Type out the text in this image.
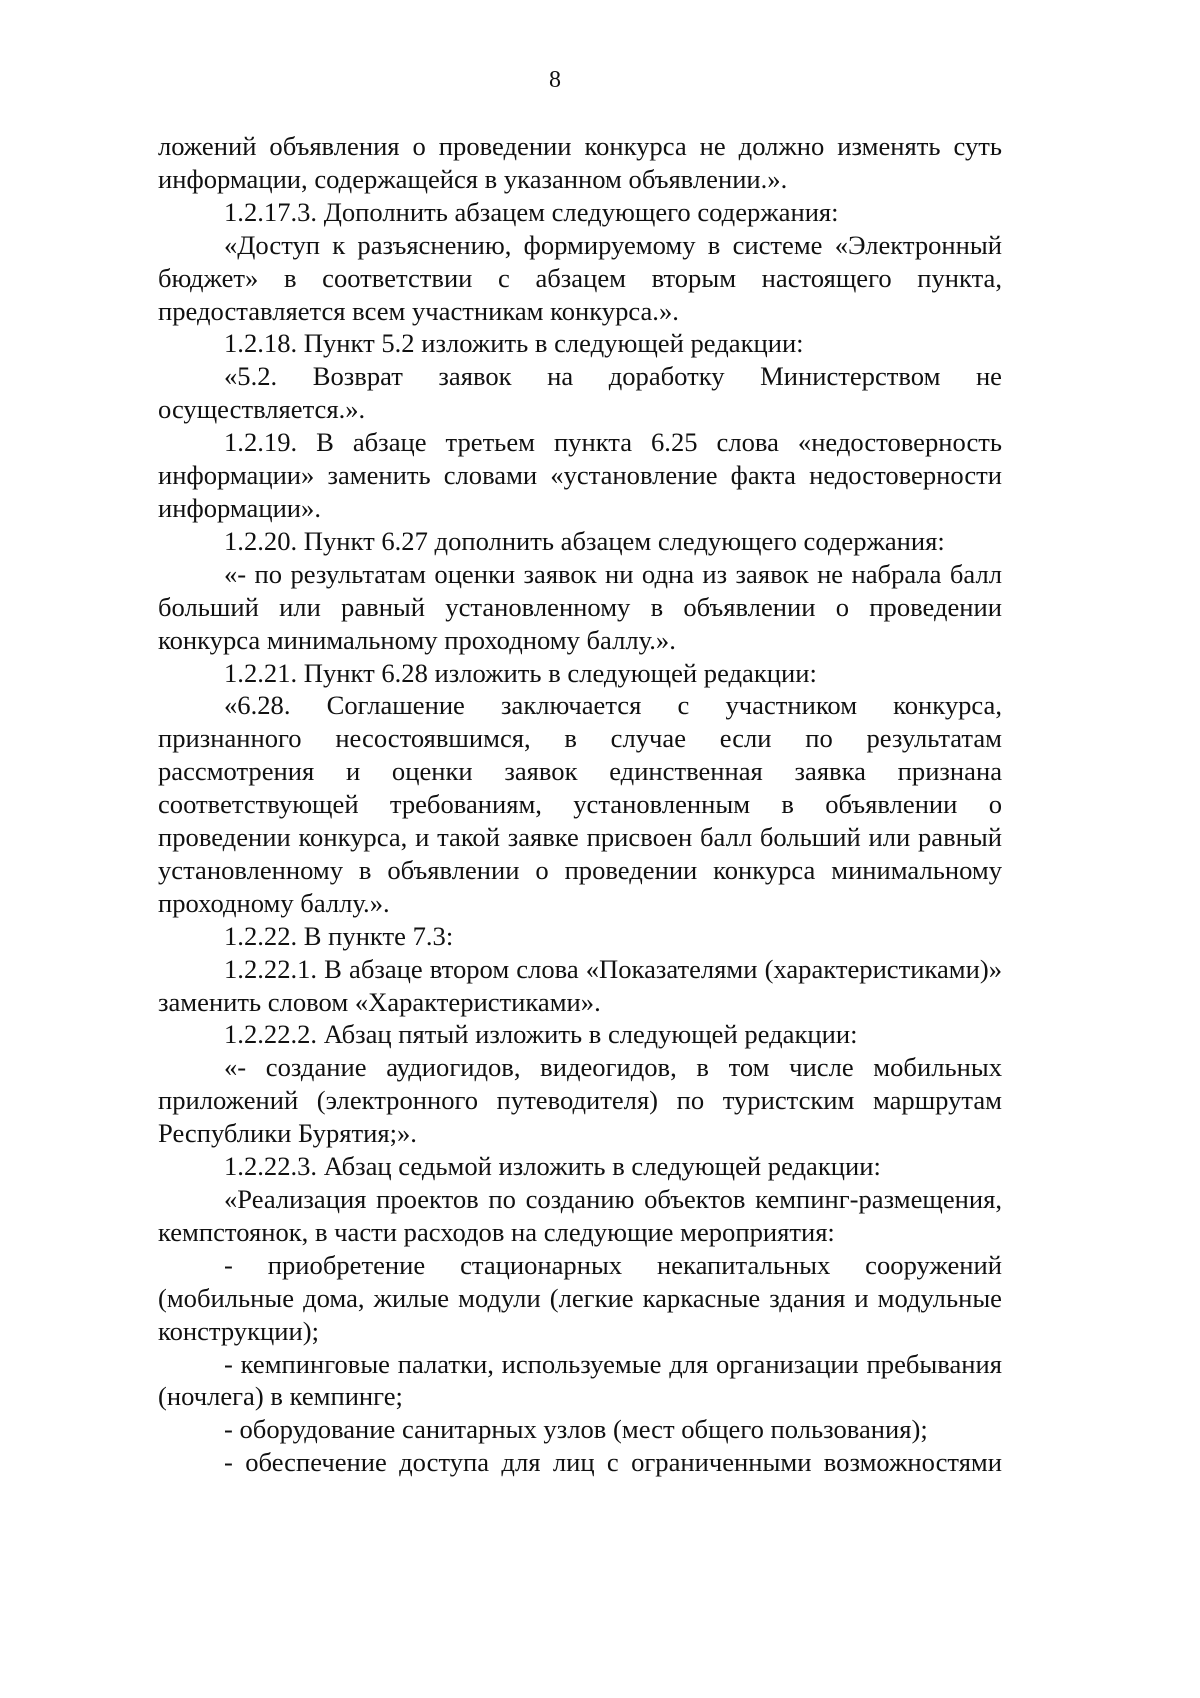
8

ложений объявления о проведении конкурса не должно изменять суть информации, содержащейся в указанном объявлении.».

1.2.17.3. Дополнить абзацем следующего содержания:

«Доступ к разъяснению, формируемому в системе «Электронный бюджет» в соответствии с абзацем вторым настоящего пункта, предоставляется всем участникам конкурса.».

1.2.18. Пункт 5.2 изложить в следующей редакции:

«5.2. Возврат заявок на доработку Министерством не осуществляется.».

1.2.19. В абзаце третьем пункта 6.25 слова «недостоверность информации» заменить словами «установление факта недостоверности информации».

1.2.20. Пункт 6.27 дополнить абзацем следующего содержания:

«- по результатам оценки заявок ни одна из заявок не набрала балл больший или равный установленному в объявлении о проведении конкурса минимальному проходному баллу.».

1.2.21. Пункт 6.28 изложить в следующей редакции:

«6.28. Соглашение заключается с участником конкурса, признанного несостоявшимся, в случае если по результатам рассмотрения и оценки заявок единственная заявка признана соответствующей требованиям, установленным в объявлении о проведении конкурса, и такой заявке присвоен балл больший или равный установленному в объявлении о проведении конкурса минимальному проходному баллу.».

1.2.22. В пункте 7.3:

1.2.22.1. В абзаце втором слова «Показателями (характеристиками)» заменить словом «Характеристиками».

1.2.22.2. Абзац пятый изложить в следующей редакции:

«- создание аудиогидов, видеогидов, в том числе мобильных приложений (электронного путеводителя) по туристским маршрутам Республики Бурятия;».

1.2.22.3. Абзац седьмой изложить в следующей редакции:

«Реализация проектов по созданию объектов кемпинг-размещения, кемпстоянок, в части расходов на следующие мероприятия:

- приобретение стационарных некапитальных сооружений (мобильные дома, жилые модули (легкие каркасные здания и модульные конструкции);

- кемпинговые палатки, используемые для организации пребывания (ночлега) в кемпинге;

- оборудование санитарных узлов (мест общего пользования);

- обеспечение доступа для лиц с ограниченными возможностями
